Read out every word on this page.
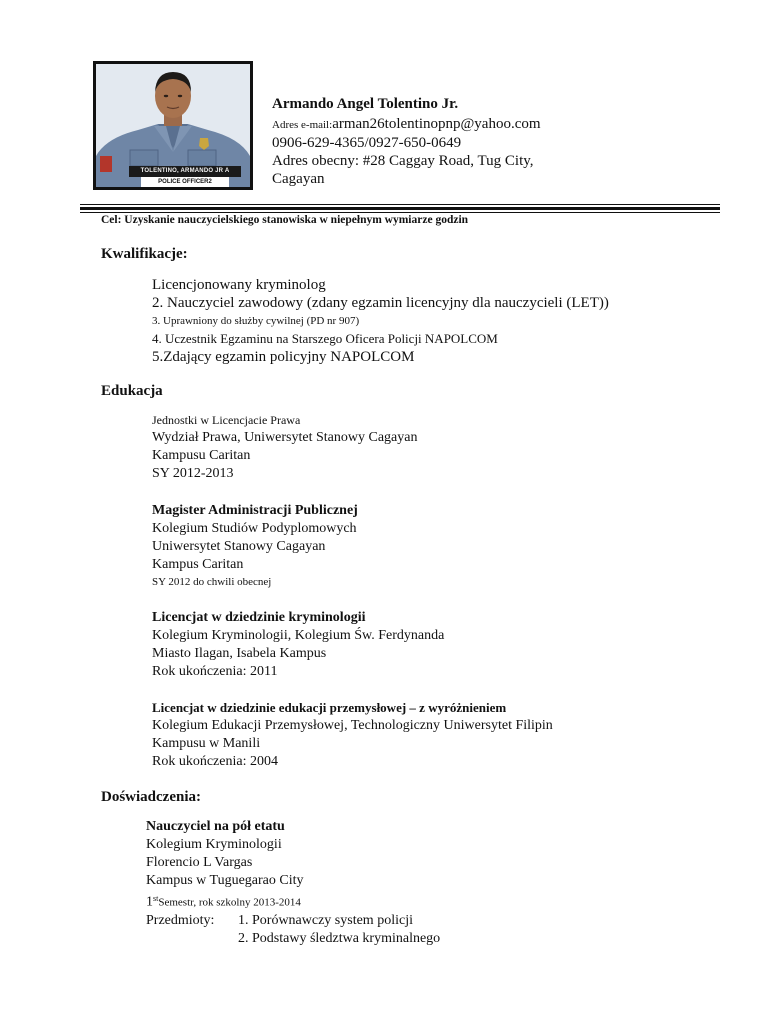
TOLENTINO, ARMANDO JR A
POLICE OFFICER2
Armando Angel Tolentino Jr.
Adres e-mail:arman26tolentinopnp@yahoo.com
0906-629-4365/0927-650-0649
Adres obecny: #28 Caggay Road, Tug City,
Cagayan
Cel: Uzyskanie nauczycielskiego stanowiska w niepełnym wymiarze godzin
Kwalifikacje:
Licencjonowany kryminolog
2. Nauczyciel zawodowy (zdany egzamin licencyjny dla nauczycieli (LET))
3. Uprawniony do służby cywilnej (PD nr 907)
4. Uczestnik Egzaminu na Starszego Oficera Policji NAPOLCOM
5.Zdający egzamin policyjny NAPOLCOM
Edukacja
Jednostki w Licencjacie Prawa
Wydział Prawa, Uniwersytet Stanowy Cagayan
Kampusu Caritan
SY 2012-2013
Magister Administracji Publicznej
Kolegium Studiów Podyplomowych
Uniwersytet Stanowy Cagayan
Kampus Caritan
SY 2012 do chwili obecnej
Licencjat w dziedzinie kryminologii
Kolegium Kryminologii, Kolegium Św. Ferdynanda
Miasto Ilagan, Isabela Kampus
Rok ukończenia: 2011
Licencjat w dziedzinie edukacji przemysłowej – z wyróżnieniem
Kolegium Edukacji Przemysłowej, Technologiczny Uniwersytet Filipin
Kampusu w Manili
Rok ukończenia: 2004
Doświadczenia:
Nauczyciel na pół etatu
Kolegium Kryminologii
Florencio L Vargas
Kampus w Tuguegarao City
1stSemestr, rok szkolny 2013-2014
Przedmioty:	1. Porównawczy system policji
2. Podstawy śledztwa kryminalnego
